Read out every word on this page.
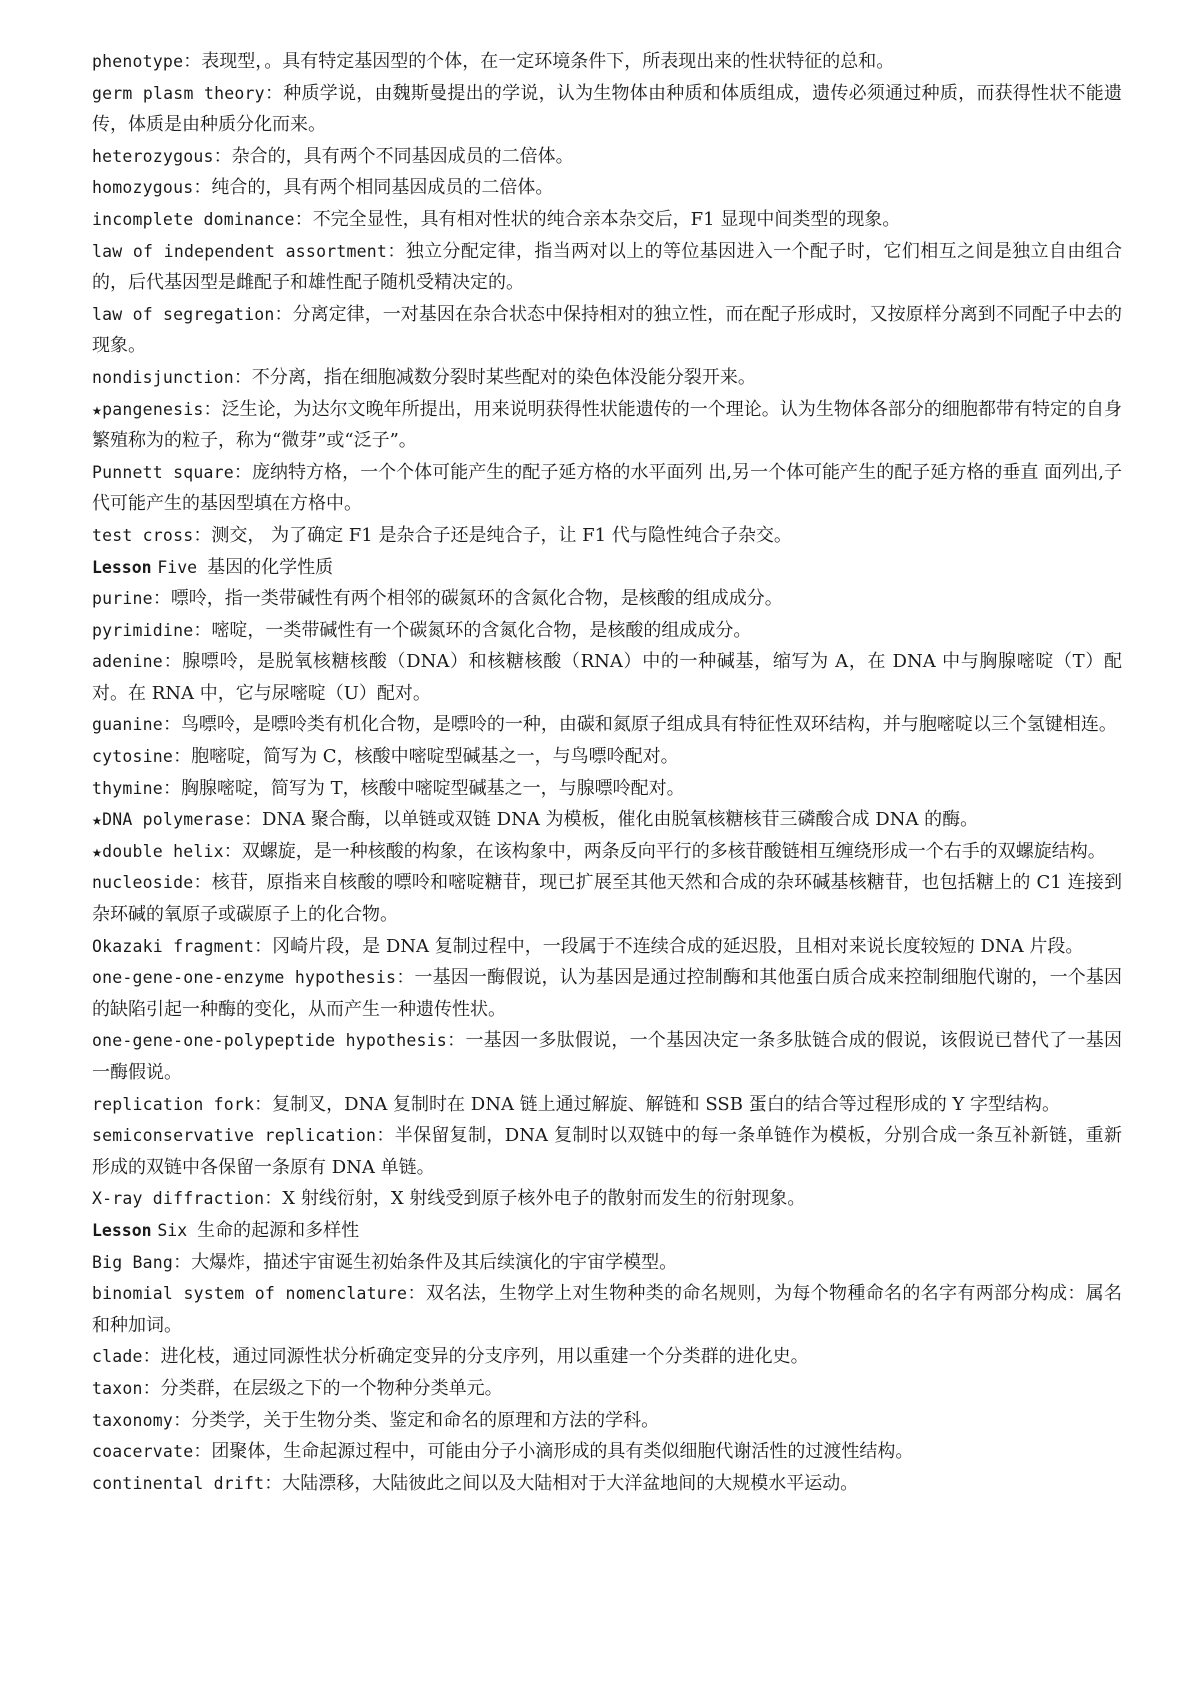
phenotype：表现型，。具有特定基因型的个体，在一定环境条件下，所表现出来的性状特征的总和。

germ plasm theory：种质学说，由魏斯曼提出的学说，认为生物体由种质和体质组成，遗传必须通过种质，而获得性状不能遗传，体质是由种质分化而来。

heterozygous：杂合的，具有两个不同基因成员的二倍体。

homozygous：纯合的，具有两个相同基因成员的二倍体。

incomplete dominance：不完全显性，具有相对性状的纯合亲本杂交后，F1 显现中间类型的现象。

law of independent assortment：独立分配定律，指当两对以上的等位基因进入一个配子时，它们相互之间是独立自由组合的，后代基因型是雌配子和雄性配子随机受精决定的。

law of segregation：分离定律，一对基因在杂合状态中保持相对的独立性，而在配子形成时，又按原样分离到不同配子中去的现象。

nondisjunction：不分离，指在细胞减数分裂时某些配对的染色体没能分裂开来。

★pangenesis：泛生论，为达尔文晚年所提出，用来说明获得性状能遗传的一个理论。认为生物体各部分的细胞都带有特定的自身繁殖称为的粒子，称为“微芽”或“泛子”。

Punnett square：庞纳特方格，一个个体可能产生的配子延方格的水平面列 出,另一个体可能产生的配子延方格的垂直 面列出,子代可能产生的基因型填在方格中。

test cross：测交， 为了确定 F1 是杂合子还是纯合子，让 F1 代与隐性纯合子杂交。

Lesson Five 基因的化学性质

purine：嘌呤，指一类带碱性有两个相邻的碳氮环的含氮化合物，是核酸的组成成分。

pyrimidine：嘧啶，一类带碱性有一个碳氮环的含氮化合物，是核酸的组成成分。

adenine：腺嘌呤，是脱氧核糖核酸（DNA）和核糖核酸（RNA）中的一种碱基，缩写为 A，在 DNA 中与胸腺嘧啶（T）配对。在 RNA 中，它与尿嘧啶（U）配对。

guanine：鸟嘌呤，是嘌呤类有机化合物，是嘌呤的一种，由碳和氮原子组成具有特征性双环结构，并与胞嘧啶以三个氢键相连。

cytosine：胞嘧啶，简写为 C，核酸中嘧啶型碱基之一，与鸟嘌呤配对。

thymine：胸腺嘧啶，简写为 T，核酸中嘧啶型碱基之一，与腺嘌呤配对。

★DNA polymerase：DNA 聚合酶，以单链或双链 DNA 为模板，催化由脱氧核糖核苷三磷酸合成 DNA 的酶。

★double helix：双螺旋，是一种核酸的构象，在该构象中，两条反向平行的多核苷酸链相互缠绕形成一个右手的双螺旋结构。

nucleoside：核苷，原指来自核酸的嘌呤和嘧啶糖苷，现已扩展至其他天然和合成的杂环碱基核糖苷，也包括糖上的 C1 连接到杂环碱的氧原子或碳原子上的化合物。

Okazaki fragment：冈崎片段，是 DNA 复制过程中，一段属于不连续合成的延迟股，且相对来说长度较短的 DNA 片段。

one-gene-one-enzyme hypothesis：一基因一酶假说，认为基因是通过控制酶和其他蛋白质合成来控制细胞代谢的，一个基因的缺陷引起一种酶的变化，从而产生一种遗传性状。

one-gene-one-polypeptide hypothesis：一基因一多肽假说，一个基因决定一条多肽链合成的假说，该假说已替代了一基因一酶假说。

replication fork：复制叉，DNA 复制时在 DNA 链上通过解旋、解链和 SSB 蛋白的结合等过程形成的 Y 字型结构。

semiconservative replication：半保留复制，DNA 复制时以双链中的每一条单链作为模板，分别合成一条互补新链，重新形成的双链中各保留一条原有 DNA 单链。

X-ray diffraction：X 射线衍射，X 射线受到原子核外电子的散射而发生的衍射现象。

Lesson Six 生命的起源和多样性

Big Bang：大爆炸，描述宇宙诞生初始条件及其后续演化的宇宙学模型。

binomial system of nomenclature：双名法，生物学上对生物种类的命名规则，为每个物種命名的名字有两部分构成：属名和种加词。

clade：进化枝，通过同源性状分析确定变异的分支序列，用以重建一个分类群的进化史。

taxon：分类群，在层级之下的一个物种分类单元。

taxonomy：分类学，关于生物分类、鉴定和命名的原理和方法的学科。

coacervate：团聚体，生命起源过程中，可能由分子小滴形成的具有类似细胞代谢活性的过渡性结构。

continental drift：大陆漂移，大陆彼此之间以及大陆相对于大洋盆地间的大规模水平运动。
